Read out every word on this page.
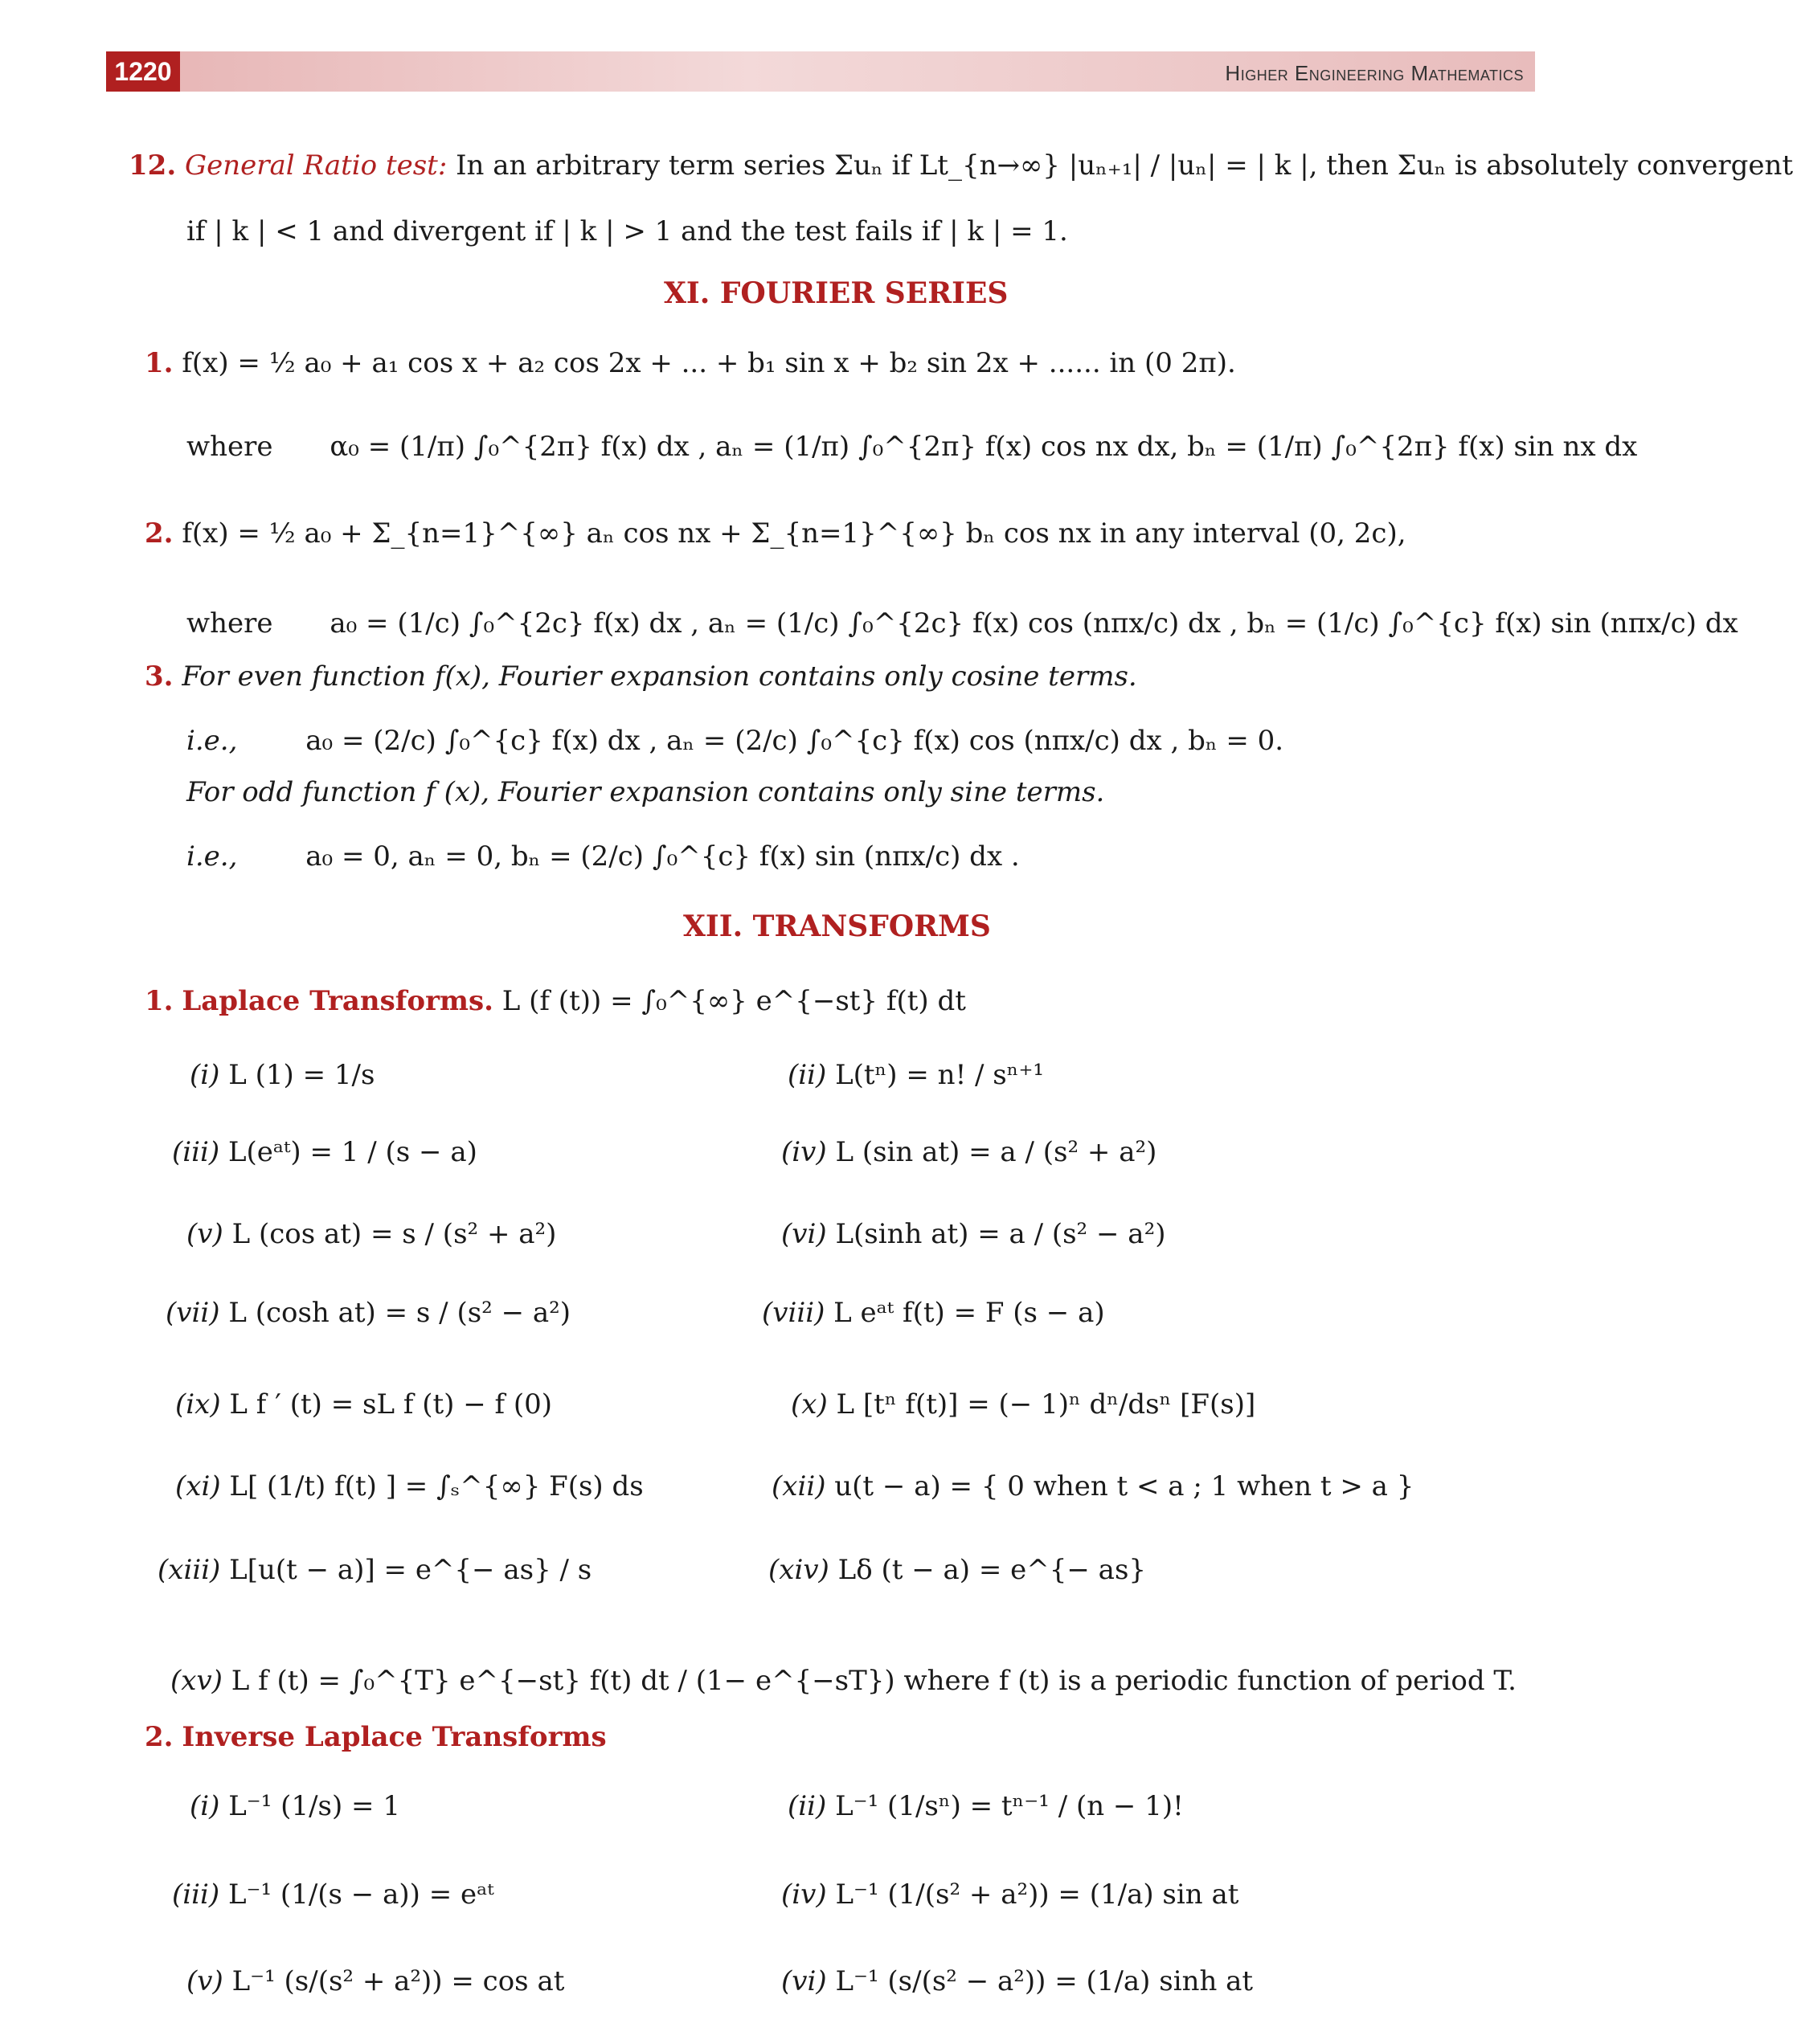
1220	Higher Engineering Mathematics
12. General Ratio test: In an arbitrary term series Σuₙ if Lt_{n→∞} |uₙ₊₁| / |uₙ| = | k |, then Σuₙ is absolutely convergent
if | k | < 1 and divergent if | k | > 1 and the test fails if | k | = 1.
XI. FOURIER SERIES
1. f(x) = ½ a₀ + a₁ cos x + a₂ cos 2x + ... + b₁ sin x + b₂ sin 2x + ...... in (0 2π).
where α₀ = (1/π) ∫₀^{2π} f(x) dx , aₙ = (1/π) ∫₀^{2π} f(x) cos nx dx, bₙ = (1/π) ∫₀^{2π} f(x) sin nx dx
2. f(x) = ½ a₀ + Σ_{n=1}^{∞} aₙ cos nx + Σ_{n=1}^{∞} bₙ cos nx in any interval (0, 2c),
where a₀ = (1/c) ∫₀^{2c} f(x) dx , aₙ = (1/c) ∫₀^{2c} f(x) cos (nπx/c) dx , bₙ = (1/c) ∫₀^{c} f(x) sin (nπx/c) dx
3. For even function f(x), Fourier expansion contains only cosine terms.
i.e., a₀ = (2/c) ∫₀^{c} f(x) dx , aₙ = (2/c) ∫₀^{c} f(x) cos (nπx/c) dx , bₙ = 0.
For odd function f (x), Fourier expansion contains only sine terms.
i.e., a₀ = 0, aₙ = 0, bₙ = (2/c) ∫₀^{c} f(x) sin (nπx/c) dx .
XII. TRANSFORMS
1. Laplace Transforms. L (f (t)) = ∫₀^{∞} e^{−st} f(t) dt
(i) L (1) = 1/s	(ii) L(tⁿ) = n! / sⁿ⁺¹
(iii) L(eᵃᵗ) = 1 / (s − a)	(iv) L (sin at) = a / (s² + a²)
(v) L (cos at) = s / (s² + a²)	(vi) L(sinh at) = a / (s² − a²)
(vii) L (cosh at) = s / (s² − a²)	(viii) L eᵃᵗ f(t) = F (s − a)
(ix) L f ′ (t) = sL f (t) − f (0)	(x) L [tⁿ f(t)] = (− 1)ⁿ dⁿ/dsⁿ [F(s)]
(xi) L[ (1/t) f(t) ] = ∫ₛ^{∞} F(s) ds	(xii) u(t − a) = { 0 when t < a ; 1 when t > a }
(xiii) L[u(t − a)] = e^{− as} / s	(xiv) Lδ (t − a) = e^{− as}
(xv) L f (t) = ∫₀^{T} e^{−st} f(t) dt / (1− e^{−sT}) where f (t) is a periodic function of period T.
2. Inverse Laplace Transforms
(i) L⁻¹ (1/s) = 1	(ii) L⁻¹ (1/sⁿ) = tⁿ⁻¹ / (n − 1)!
(iii) L⁻¹ (1/(s − a)) = eᵃᵗ	(iv) L⁻¹ (1/(s² + a²)) = (1/a) sin at
(v) L⁻¹ (s/(s² + a²)) = cos at	(vi) L⁻¹ (s/(s² − a²)) = (1/a) sinh at
